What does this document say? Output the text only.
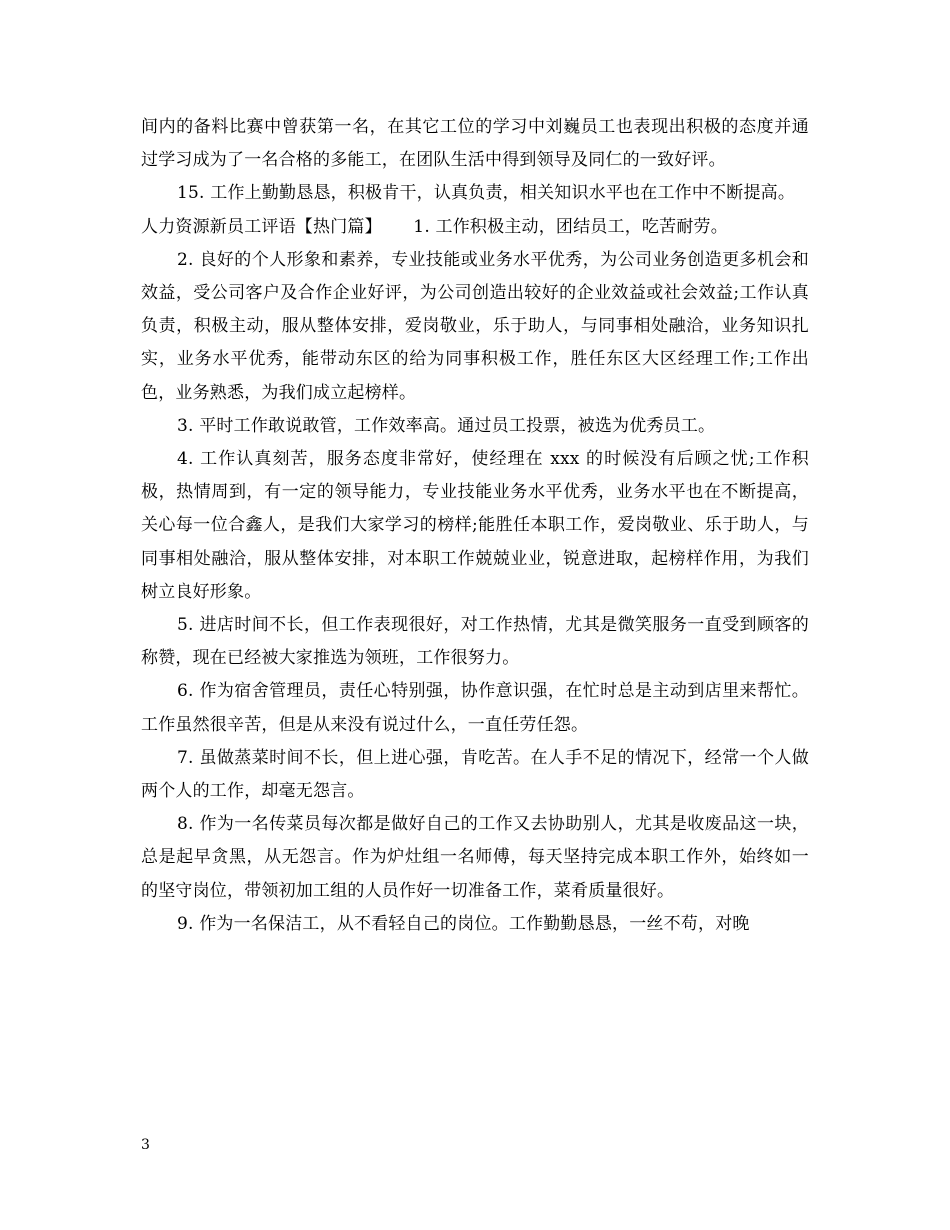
间内的备料比赛中曾获第一名，在其它工位的学习中刘巍员工也表现出积极的态度并通过学习成为了一名合格的多能工，在团队生活中得到领导及同仁的一致好评。

15. 工作上勤勤恳恳，积极肯干，认真负责，相关知识水平也在工作中不断提高。

人力资源新员工评语【热门篇】　　 1. 工作积极主动，团结员工，吃苦耐劳。

2. 良好的个人形象和素养，专业技能或业务水平优秀，为公司业务创造更多机会和效益，受公司客户及合作企业好评，为公司创造出较好的企业效益或社会效益;工作认真负责，积极主动，服从整体安排，爱岗敬业，乐于助人，与同事相处融洽，业务知识扎实，业务水平优秀，能带动东区的给为同事积极工作，胜任东区大区经理工作;工作出色，业务熟悉，为我们成立起榜样。

3. 平时工作敢说敢管，工作效率高。通过员工投票，被选为优秀员工。

4. 工作认真刻苦，服务态度非常好，使经理在 xxx 的时候没有后顾之忧;工作积极，热情周到，有一定的领导能力，专业技能业务水平优秀，业务水平也在不断提高，关心每一位合鑫人，是我们大家学习的榜样;能胜任本职工作，爱岗敬业、乐于助人，与同事相处融洽，服从整体安排，对本职工作兢兢业业，锐意进取，起榜样作用，为我们树立良好形象。

5. 进店时间不长，但工作表现很好，对工作热情，尤其是微笑服务一直受到顾客的称赞，现在已经被大家推选为领班，工作很努力。

6. 作为宿舍管理员，责任心特别强，协作意识强，在忙时总是主动到店里来帮忙。工作虽然很辛苦，但是从来没有说过什么，一直任劳任怨。

7. 虽做蒸菜时间不长，但上进心强，肯吃苦。在人手不足的情况下，经常一个人做两个人的工作，却毫无怨言。

8. 作为一名传菜员每次都是做好自己的工作又去协助别人，尤其是收废品这一块，总是起早贪黑，从无怨言。作为炉灶组一名师傅，每天坚持完成本职工作外，始终如一的坚守岗位，带领初加工组的人员作好一切准备工作，菜肴质量很好。

9. 作为一名保洁工，从不看轻自己的岗位。工作勤勤恳恳，一丝不苟，对晚

3
